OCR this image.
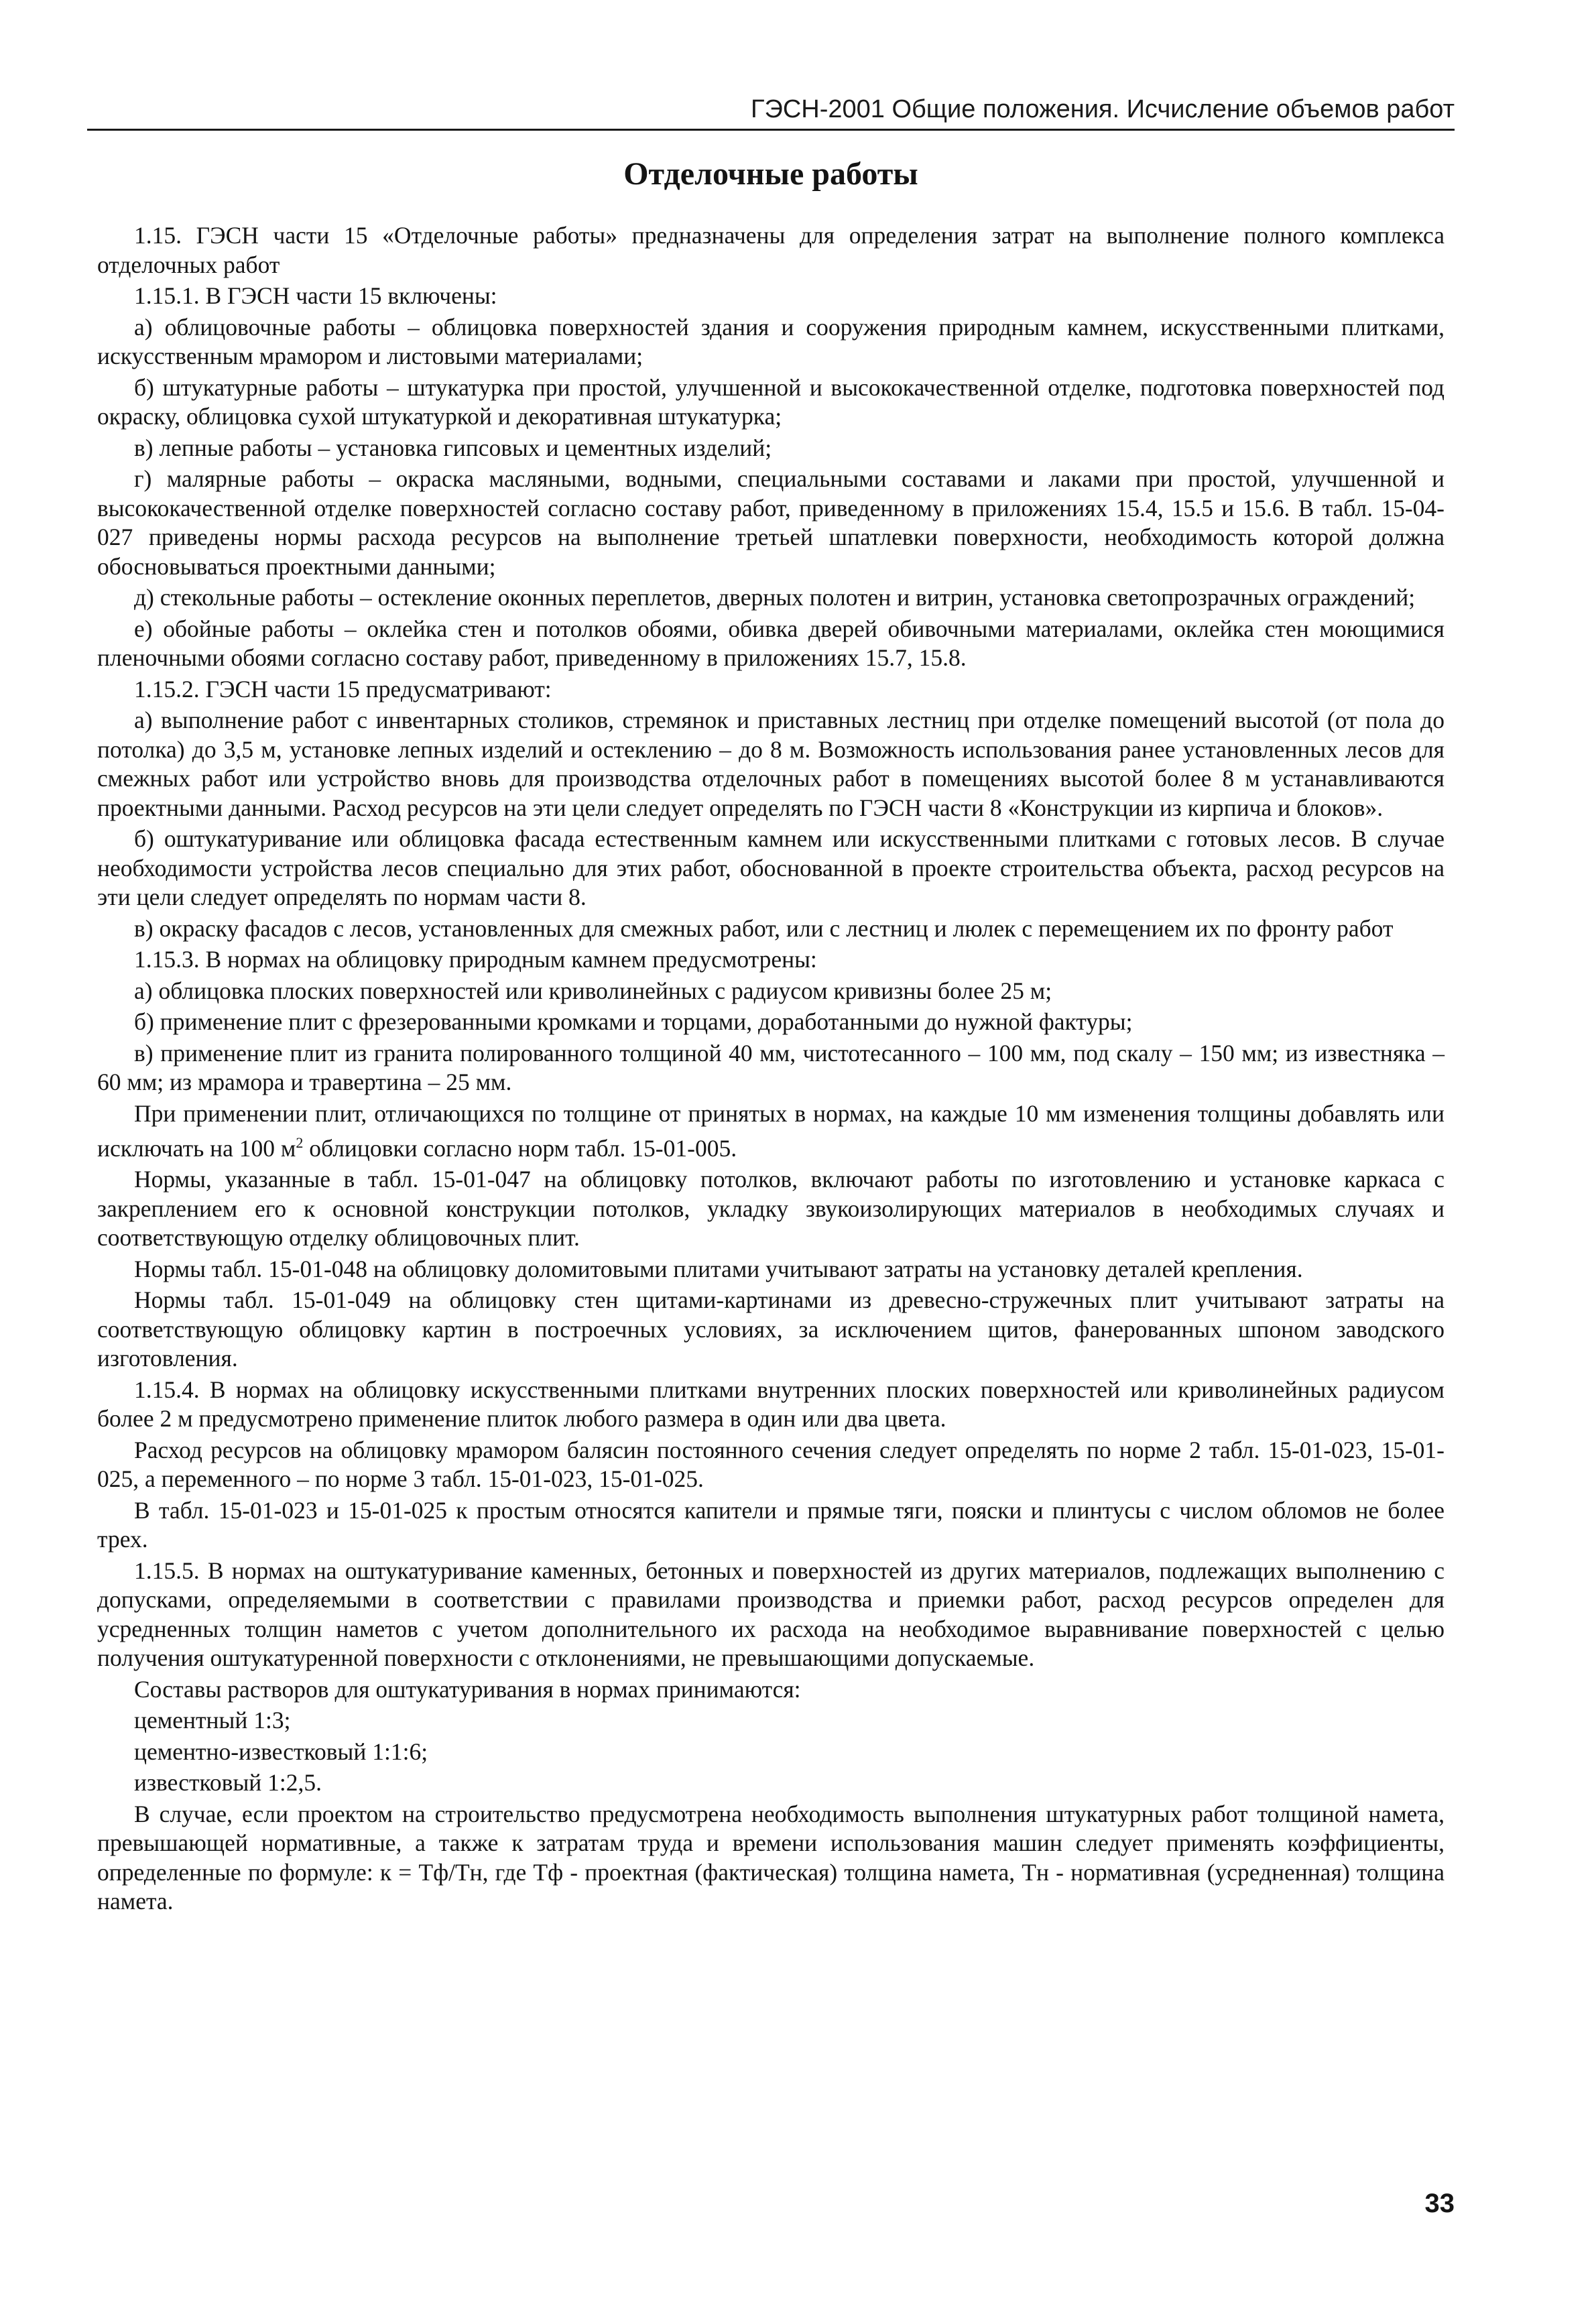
ГЭСН-2001 Общие положения. Исчисление объемов работ
Отделочные работы

1.15. ГЭСН части 15 «Отделочные работы» предназначены для определения затрат на выполнение полного комплекса отделочных работ

1.15.1. В ГЭСН части 15 включены:

а) облицовочные работы – облицовка поверхностей здания и сооружения природным камнем, искусственными плитками, искусственным мрамором и листовыми материалами;

б) штукатурные работы – штукатурка при простой, улучшенной и высококачественной отделке, подготовка поверхностей под окраску, облицовка сухой штукатуркой и декоративная штукатурка;

в) лепные работы – установка гипсовых и цементных изделий;

г) малярные работы – окраска масляными, водными, специальными составами и лаками при простой, улучшенной и высококачественной отделке поверхностей согласно составу работ, приведенному в приложениях 15.4, 15.5 и 15.6. В табл. 15-04-027 приведены нормы расхода ресурсов на выполнение третьей шпатлевки поверхности, необходимость которой должна обосновываться проектными данными;

д) стекольные работы – остекление оконных переплетов, дверных полотен и витрин, установка светопрозрачных ограждений;

е) обойные работы – оклейка стен и потолков обоями, обивка дверей обивочными материалами, оклейка стен моющимися пленочными обоями согласно составу работ, приведенному в приложениях 15.7, 15.8.

1.15.2. ГЭСН части 15 предусматривают:

а) выполнение работ с инвентарных столиков, стремянок и приставных лестниц при отделке помещений высотой (от пола до потолка) до 3,5 м, установке лепных изделий и остеклению – до 8 м. Возможность использования ранее установленных лесов для смежных работ или устройство вновь для производства отделочных работ в помещениях высотой более 8 м устанавливаются проектными данными. Расход ресурсов на эти цели следует определять по ГЭСН части 8 «Конструкции из кирпича и блоков».

б) оштукатуривание или облицовка фасада естественным камнем или искусственными плитками с готовых лесов. В случае необходимости устройства лесов специально для этих работ, обоснованной в проекте строительства объекта, расход ресурсов на эти цели следует определять по нормам части 8.

в) окраску фасадов с лесов, установленных для смежных работ, или с лестниц и люлек с перемещением их по фронту работ

1.15.3. В нормах на облицовку природным камнем предусмотрены:

а) облицовка плоских поверхностей или криволинейных с радиусом кривизны более 25 м;

б) применение плит с фрезерованными кромками и торцами, доработанными до нужной фактуры;

в) применение плит из гранита полированного толщиной 40 мм, чистотесанного – 100 мм, под скалу – 150 мм; из известняка – 60 мм; из мрамора и травертина – 25 мм.

При применении плит, отличающихся по толщине от принятых в нормах, на каждые 10 мм изменения толщины добавлять или исключать на 100 $м^2$ облицовки согласно норм табл. 15-01-005.

Нормы, указанные в табл. 15-01-047 на облицовку потолков, включают работы по изготовлению и установке каркаса с закреплением его к основной конструкции потолков, укладку звукоизолирующих материалов в необходимых случаях и соответствующую отделку облицовочных плит.

Нормы табл. 15-01-048 на облицовку доломитовыми плитами учитывают затраты на установку деталей крепления.

Нормы табл. 15-01-049 на облицовку стен щитами-картинами из древесно-стружечных плит учитывают затраты на соответствующую облицовку картин в построечных условиях, за исключением щитов, фанерованных шпоном заводского изготовления.

1.15.4. В нормах на облицовку искусственными плитками внутренних плоских поверхностей или криволинейных радиусом более 2 м предусмотрено применение плиток любого размера в один или два цвета.

Расход ресурсов на облицовку мрамором балясин постоянного сечения следует определять по норме 2 табл. 15-01-023, 15-01-025, а переменного – по норме 3 табл. 15-01-023, 15-01-025.

В табл. 15-01-023 и 15-01-025 к простым относятся капители и прямые тяги, пояски и плинтусы с числом обломов не более трех.

1.15.5. В нормах на оштукатуривание каменных, бетонных и поверхностей из других материалов, подлежащих выполнению с допусками, определяемыми в соответствии с правилами производства и приемки работ, расход ресурсов определен для усредненных толщин наметов с учетом дополнительного их расхода на необходимое выравнивание поверхностей с целью получения оштукатуренной поверхности с отклонениями, не превышающими допускаемые.

Составы растворов для оштукатуривания в нормах принимаются:

цементный 1:3;

цементно-известковый 1:1:6;

известковый 1:2,5.

В случае, если проектом на строительство предусмотрена необходимость выполнения штукатурных работ толщиной намета, превышающей нормативные, а также к затратам труда и времени использования машин следует применять коэффициенты, определенные по формуле: к = Тф/Тн, где Тф - проектная (фактическая) толщина намета, Тн - нормативная (усредненная) толщина намета.

33
